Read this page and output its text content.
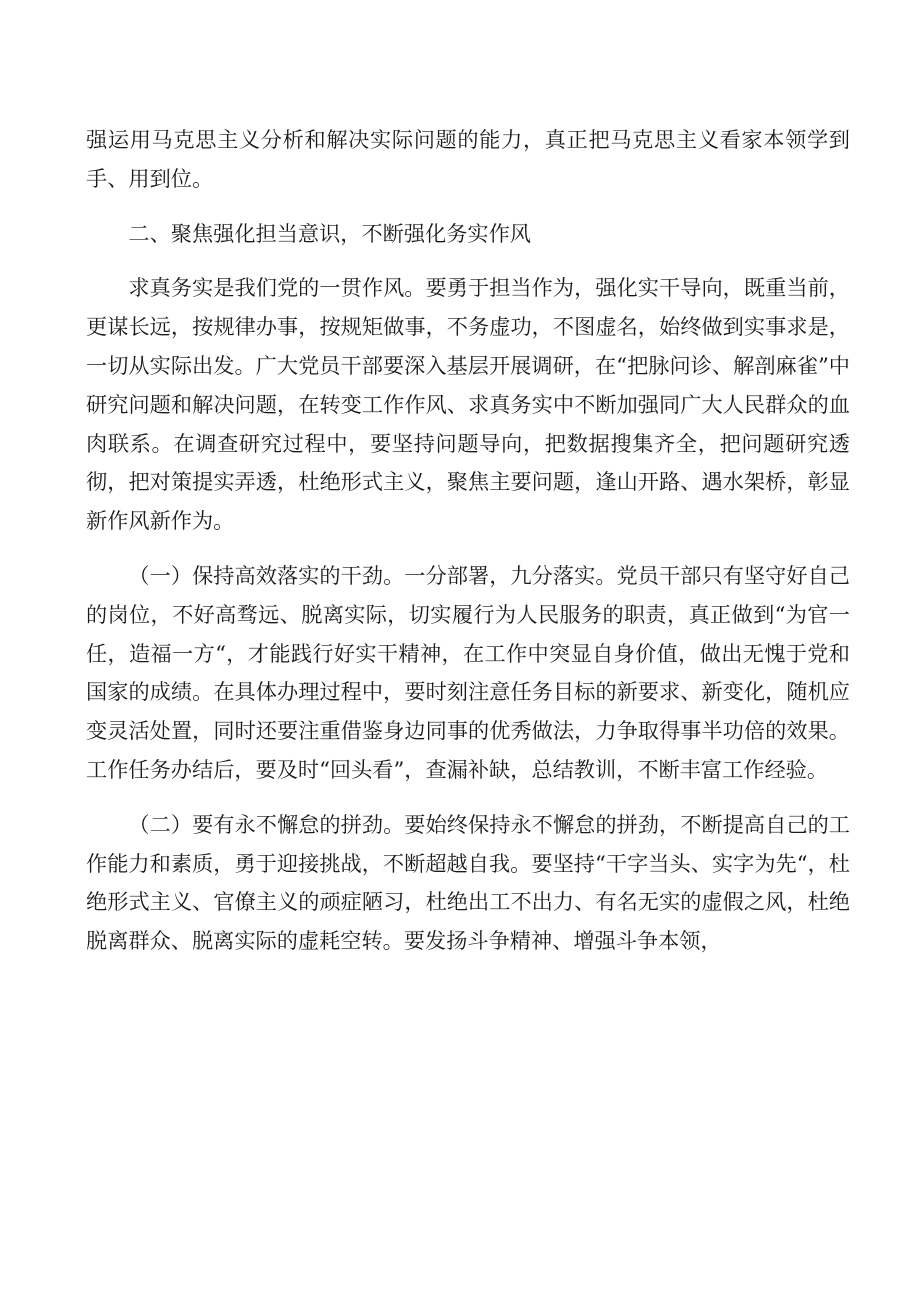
强运用马克思主义分析和解决实际问题的能力，真正把马克思主义看家本领学到手、用到位。

二、聚焦强化担当意识，不断强化务实作风

求真务实是我们党的一贯作风。要勇于担当作为，强化实干导向，既重当前，更谋长远，按规律办事，按规矩做事，不务虚功，不图虚名，始终做到实事求是，一切从实际出发。广大党员干部要深入基层开展调研，在“把脉问诊、解剖麻雀”中研究问题和解决问题，在转变工作作风、求真务实中不断加强同广大人民群众的血肉联系。在调查研究过程中，要坚持问题导向，把数据搜集齐全，把问题研究透彻，把对策提实弄透，杜绝形式主义，聚焦主要问题，逢山开路、遇水架桥，彰显新作风新作为。

（一）保持高效落实的干劲。一分部署，九分落实。党员干部只有坚守好自己的岗位，不好高骛远、脱离实际，切实履行为人民服务的职责，真正做到“为官一任，造福一方“，才能践行好实干精神，在工作中突显自身价值，做出无愧于党和国家的成绩。在具体办理过程中，要时刻注意任务目标的新要求、新变化，随机应变灵活处置，同时还要注重借鉴身边同事的优秀做法，力争取得事半功倍的效果。工作任务办结后，要及时“回头看”，查漏补缺，总结教训，不断丰富工作经验。

（二）要有永不懈怠的拼劲。要始终保持永不懈怠的拼劲，不断提高自己的工作能力和素质，勇于迎接挑战，不断超越自我。要坚持“干字当头、实字为先“，杜绝形式主义、官僚主义的顽症陋习，杜绝出工不出力、有名无实的虚假之风，杜绝脱离群众、脱离实际的虚耗空转。要发扬斗争精神、增强斗争本领，
